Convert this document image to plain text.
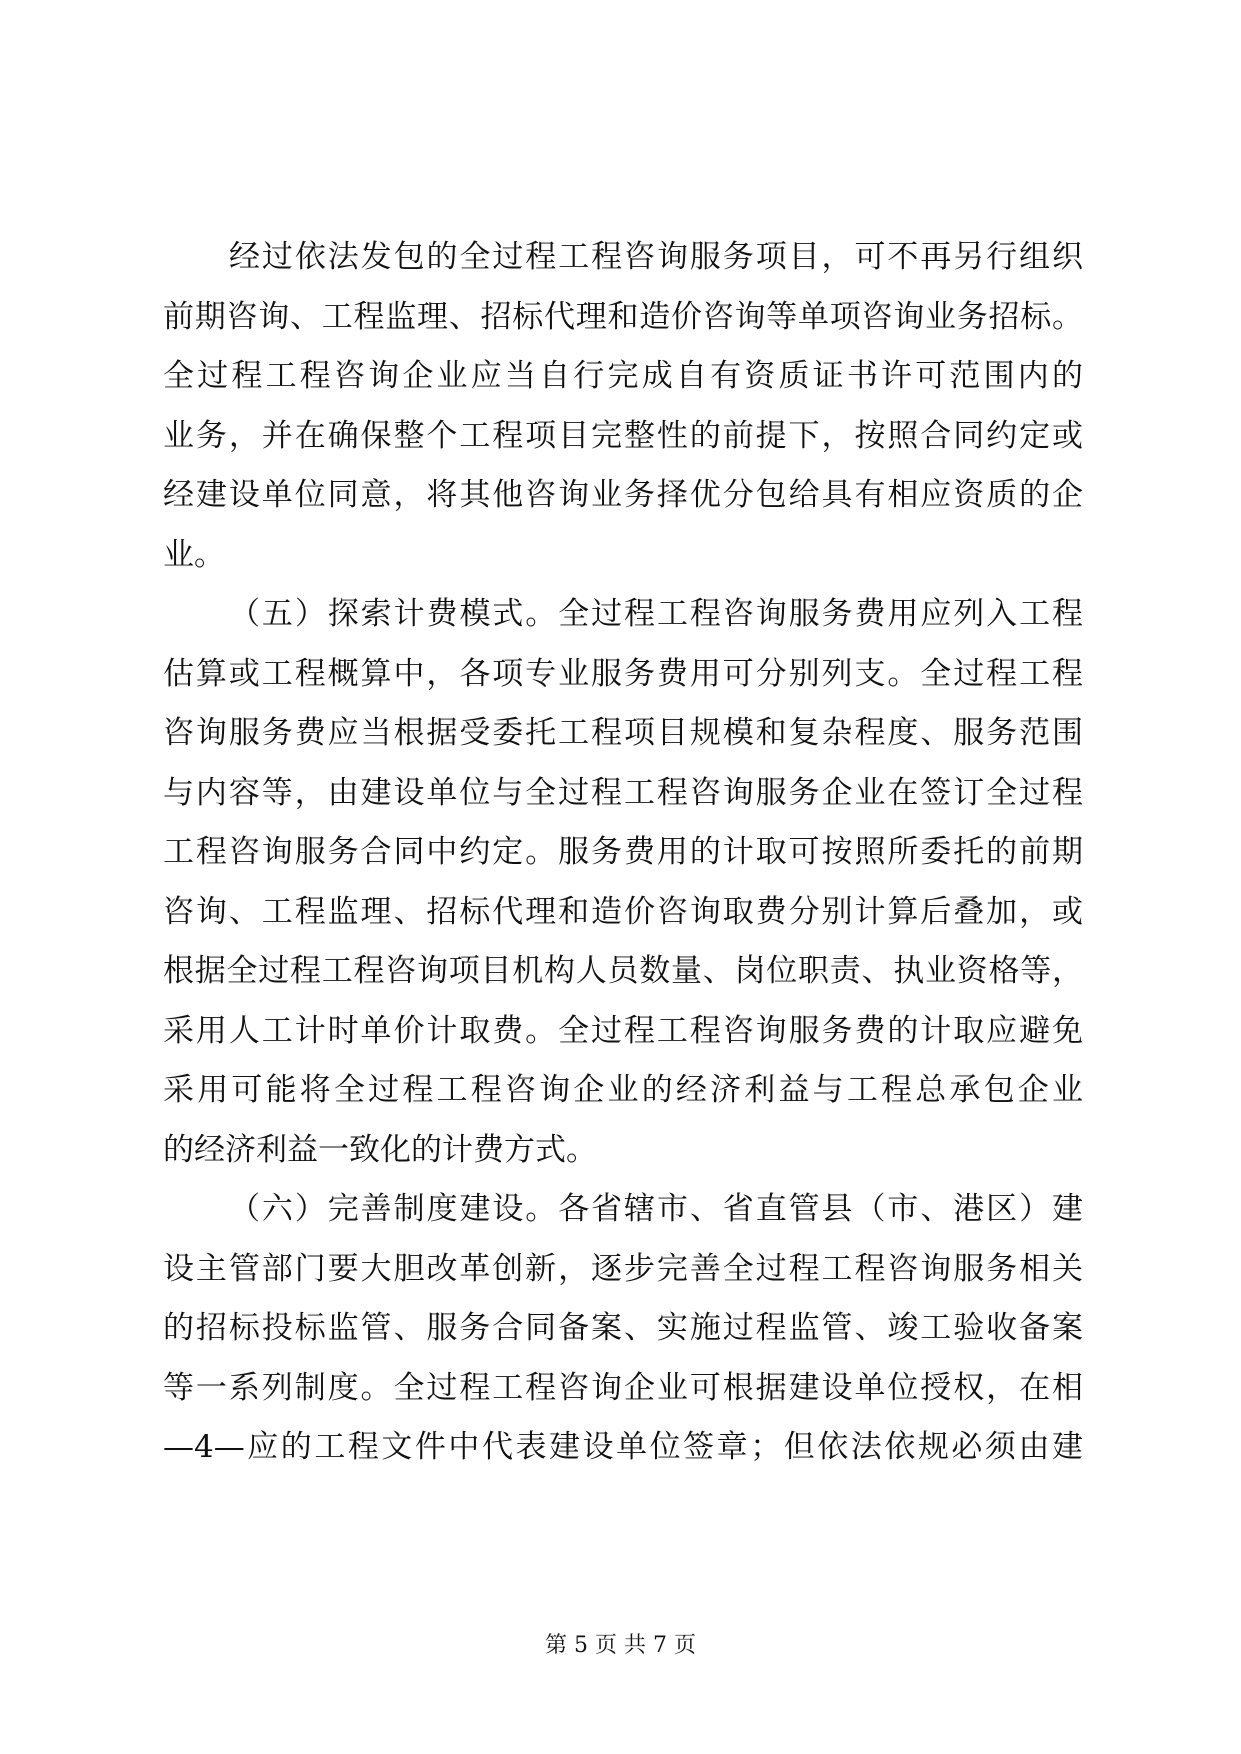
经过依法发包的全过程工程咨询服务项目，可不再另行组织
前期咨询、工程监理、招标代理和造价咨询等单项咨询业务招标。
全过程工程咨询企业应当自行完成自有资质证书许可范围内的
业务，并在确保整个工程项目完整性的前提下，按照合同约定或
经建设单位同意，将其他咨询业务择优分包给具有相应资质的企
业。
（五）探索计费模式。全过程工程咨询服务费用应列入工程
估算或工程概算中，各项专业服务费用可分别列支。全过程工程
咨询服务费应当根据受委托工程项目规模和复杂程度、服务范围
与内容等，由建设单位与全过程工程咨询服务企业在签订全过程
工程咨询服务合同中约定。服务费用的计取可按照所委托的前期
咨询、工程监理、招标代理和造价咨询取费分别计算后叠加，或
根据全过程工程咨询项目机构人员数量、岗位职责、执业资格等，
采用人工计时单价计取费。全过程工程咨询服务费的计取应避免
采用可能将全过程工程咨询企业的经济利益与工程总承包企业
的经济利益一致化的计费方式。
（六）完善制度建设。各省辖市、省直管县（市、港区）建
设主管部门要大胆改革创新，逐步完善全过程工程咨询服务相关
的招标投标监管、服务合同备案、实施过程监管、竣工验收备案
等一系列制度。全过程工程咨询企业可根据建设单位授权，在相
—4—应的工程文件中代表建设单位签章；但依法依规必须由建
第 5 页 共 7 页
